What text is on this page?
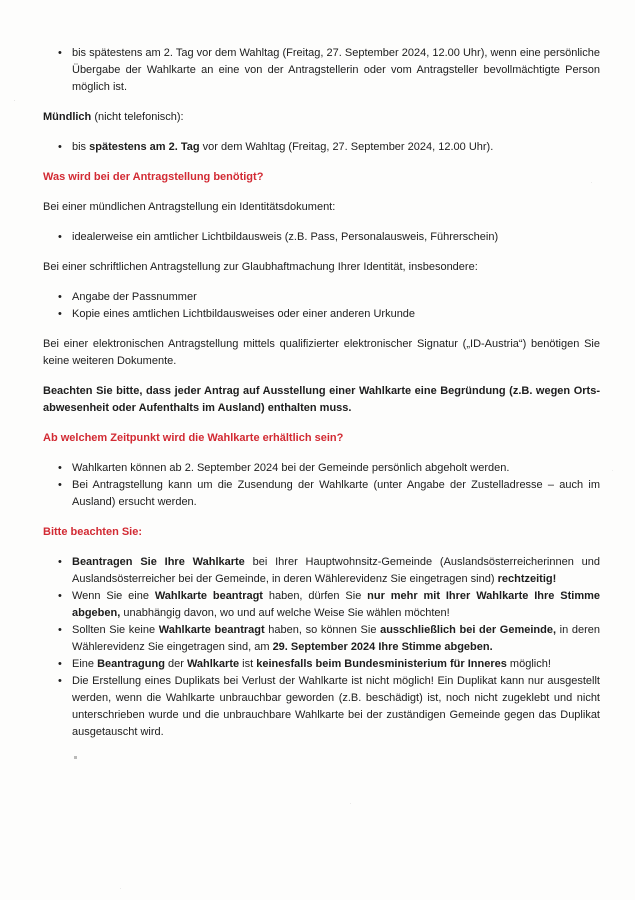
• bis spätestens am 2. Tag vor dem Wahltag (Freitag, 27. September 2024, 12.00 Uhr), wenn eine persönliche Übergabe der Wahlkarte an eine von der Antragstellerin oder vom Antragsteller bevollmächtigte Person möglich ist.
Mündlich (nicht telefonisch):
• bis spätestens am 2. Tag vor dem Wahltag (Freitag, 27. September 2024, 12.00 Uhr).
Was wird bei der Antragstellung benötigt?
Bei einer mündlichen Antragstellung ein Identitätsdokument:
• idealerweise ein amtlicher Lichtbildausweis (z.B. Pass, Personalausweis, Führerschein)
Bei einer schriftlichen Antragstellung zur Glaubhaftmachung Ihrer Identität, insbesondere:
• Angabe der Passnummer
• Kopie eines amtlichen Lichtbildausweises oder einer anderen Urkunde
Bei einer elektronischen Antragstellung mittels qualifizierter elektronischer Signatur („ID-Austria“) benötigen Sie keine weiteren Dokumente.
Beachten Sie bitte, dass jeder Antrag auf Ausstellung einer Wahlkarte eine Begründung (z.B. wegen Ortsabwesenheit oder Aufenthalts im Ausland) enthalten muss.
Ab welchem Zeitpunkt wird die Wahlkarte erhältlich sein?
• Wahlkarten können ab 2. September 2024 bei der Gemeinde persönlich abgeholt werden.
• Bei Antragstellung kann um die Zusendung der Wahlkarte (unter Angabe der Zustelladresse – auch im Ausland) ersucht werden.
Bitte beachten Sie:
• Beantragen Sie Ihre Wahlkarte bei Ihrer Hauptwohnsitz-Gemeinde (Auslandsösterreicherinnen und Auslandsösterreicher bei der Gemeinde, in deren Wählerevidenz Sie eingetragen sind) rechtzeitig!
• Wenn Sie eine Wahlkarte beantragt haben, dürfen Sie nur mehr mit Ihrer Wahlkarte Ihre Stimme abgeben, unabhängig davon, wo und auf welche Weise Sie wählen möchten!
• Sollten Sie keine Wahlkarte beantragt haben, so können Sie ausschließlich bei der Gemeinde, in deren Wählerevidenz Sie eingetragen sind, am 29. September 2024 Ihre Stimme abgeben.
• Eine Beantragung der Wahlkarte ist keinesfalls beim Bundesministerium für Inneres möglich!
• Die Erstellung eines Duplikats bei Verlust der Wahlkarte ist nicht möglich! Ein Duplikat kann nur ausgestellt werden, wenn die Wahlkarte unbrauchbar geworden (z.B. beschädigt) ist, noch nicht zugeklebt und nicht unterschrieben wurde und die unbrauchbare Wahlkarte bei der zuständigen Gemeinde gegen das Duplikat ausgetauscht wird.
